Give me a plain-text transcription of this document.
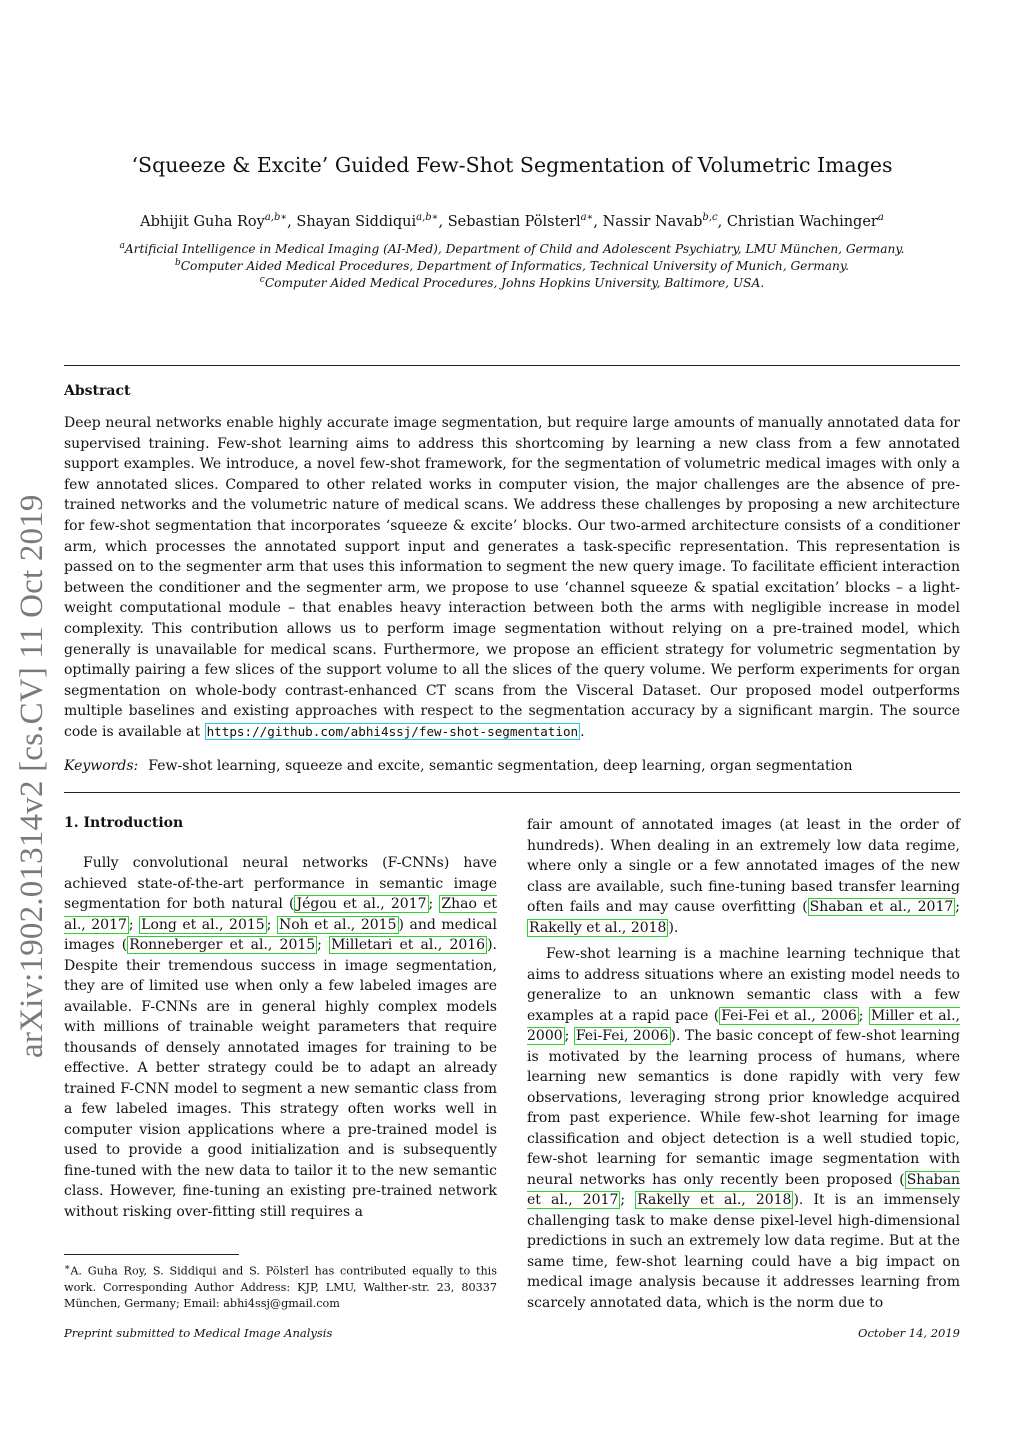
arXiv:1902.01314v2 [cs.CV] 11 Oct 2019
‘Squeeze & Excite’ Guided Few-Shot Segmentation of Volumetric Images
Abhijit Guha Roy$^{a,b∗}$, Shayan Siddiqui$^{a,b∗}$, Sebastian Pölsterl$^{a∗}$, Nassir Navab$^{b,c}$, Christian Wachinger$^a$
$^a$Artificial Intelligence in Medical Imaging (AI-Med), Department of Child and Adolescent Psychiatry, LMU München, Germany.
$^b$Computer Aided Medical Procedures, Department of Informatics, Technical University of Munich, Germany.
$^c$Computer Aided Medical Procedures, Johns Hopkins University, Baltimore, USA.
Abstract
Deep neural networks enable highly accurate image segmentation, but require large amounts of manually annotated data for supervised training. Few-shot learning aims to address this shortcoming by learning a new class from a few annotated support examples. We introduce, a novel few-shot framework, for the segmentation of volumetric medical images with only a few annotated slices. Compared to other related works in computer vision, the major challenges are the absence of pre-trained networks and the volumetric nature of medical scans. We address these challenges by proposing a new architecture for few-shot segmentation that incorporates ‘squeeze & excite’ blocks. Our two-armed architecture consists of a conditioner arm, which processes the annotated support input and generates a task-specific representation. This representation is passed on to the segmenter arm that uses this information to segment the new query image. To facilitate efficient interaction between the conditioner and the segmenter arm, we propose to use ‘channel squeeze & spatial excitation’ blocks – a light-weight computational module – that enables heavy interaction between both the arms with negligible increase in model complexity. This contribution allows us to perform image segmentation without relying on a pre-trained model, which generally is unavailable for medical scans. Furthermore, we propose an efficient strategy for volumetric segmentation by optimally pairing a few slices of the support volume to all the slices of the query volume. We perform experiments for organ segmentation on whole-body contrast-enhanced CT scans from the Visceral Dataset. Our proposed model outperforms multiple baselines and existing approaches with respect to the segmentation accuracy by a significant margin. The source code is available at https://github.com/abhi4ssj/few-shot-segmentation .
Keywords: Few-shot learning, squeeze and excite, semantic segmentation, deep learning, organ segmentation
1. Introduction

Fully convolutional neural networks (F-CNNs) have achieved state-of-the-art performance in semantic image segmentation for both natural ( Jégou et al., 2017 ; Zhao et al., 2017 ; Long et al., 2015 ; Noh et al., 2015 ) and medical images ( Ronneberger et al., 2015 ; Milletari et al., 2016 ). Despite their tremendous success in image segmentation, they are of limited use when only a few labeled images are available. F-CNNs are in general highly complex models with millions of trainable weight parameters that require thousands of densely annotated images for training to be effective. A better strategy could be to adapt an already trained F-CNN model to segment a new semantic class from a few labeled images. This strategy often works well in computer vision applications where a pre-trained model is used to provide a good initialization and is subsequently fine-tuned with the new data to tailor it to the new semantic class. However, fine-tuning an existing pre-trained network without risking over-fitting still requires a

fair amount of annotated images (at least in the order of hundreds). When dealing in an extremely low data regime, where only a single or a few annotated images of the new class are available, such fine-tuning based transfer learning often fails and may cause overfitting ( Shaban et al., 2017 ; Rakelly et al., 2018 ).

Few-shot learning is a machine learning technique that aims to address situations where an existing model needs to generalize to an unknown semantic class with a few examples at a rapid pace ( Fei-Fei et al., 2006 ; Miller et al., 2000 ; Fei-Fei, 2006 ). The basic concept of few-shot learning is motivated by the learning process of humans, where learning new semantics is done rapidly with very few observations, leveraging strong prior knowledge acquired from past experience. While few-shot learning for image classification and object detection is a well studied topic, few-shot learning for semantic image segmentation with neural networks has only recently been proposed ( Shaban et al., 2017 ; Rakelly et al., 2018 ). It is an immensely challenging task to make dense pixel-level high-dimensional predictions in such an extremely low data regime. But at the same time, few-shot learning could have a big impact on medical image analysis because it addresses learning from scarcely annotated data, which is the norm due to

∗A. Guha Roy, S. Siddiqui and S. Pölsterl has contributed equally to this work. Corresponding Author Address: KJP, LMU, Walther-str. 23, 80337 München, Germany; Email: abhi4ssj@gmail.com
Preprint submitted to Medical Image Analysis	October 14, 2019
